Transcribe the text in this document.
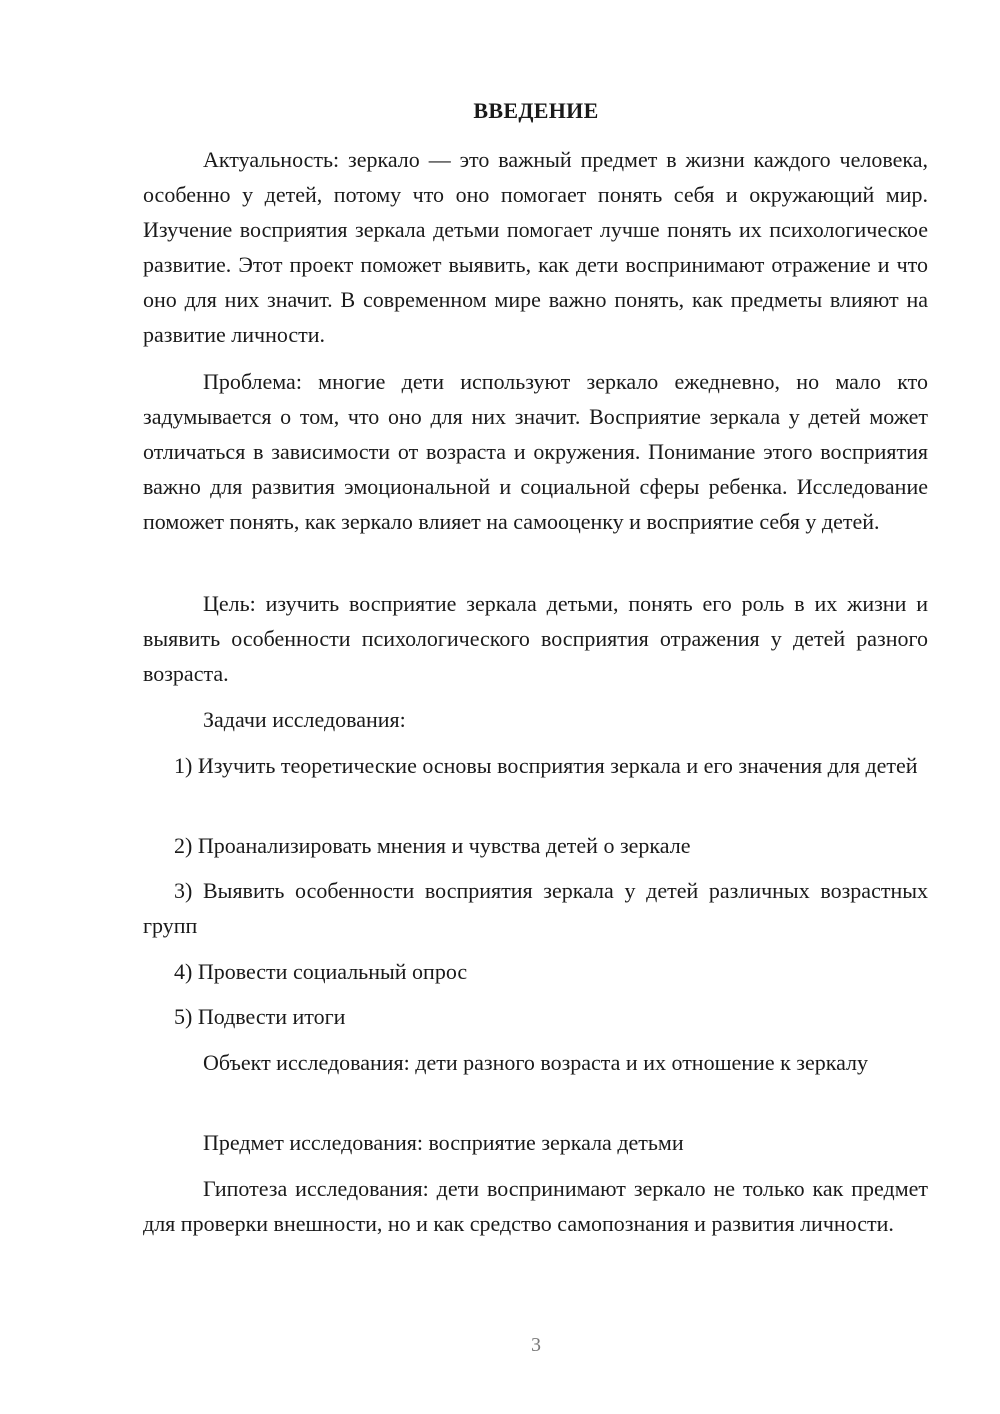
ВВЕДЕНИЕ

Актуальность: зеркало — это важный предмет в жизни каждого человека, особенно у детей, потому что оно помогает понять себя и окружающий мир. Изучение восприятия зеркала детьми помогает лучше понять их психологическое развитие. Этот проект поможет выявить, как дети воспринимают отражение и что оно для них значит. В современном мире важно понять, как предметы влияют на развитие личности.

Проблема: многие дети используют зеркало ежедневно, но мало кто задумывается о том, что оно для них значит. Восприятие зеркала у детей может отличаться в зависимости от возраста и окружения. Понимание этого восприятия важно для развития эмоциональной и социальной сферы ребенка. Исследование поможет понять, как зеркало влияет на самооценку и восприятие себя у детей.

Цель: изучить восприятие зеркала детьми, понять его роль в их жизни и выявить особенности психологического восприятия отражения у детей разного возраста.

Задачи исследования:

1) Изучить теоретические основы восприятия зеркала и его значения для детей

2) Проанализировать мнения и чувства детей о зеркале

3) Выявить особенности восприятия зеркала у детей различных возрастных групп

4) Провести социальный опрос

5) Подвести итоги

Объект исследования: дети разного возраста и их отношение к зеркалу

Предмет исследования: восприятие зеркала детьми

Гипотеза исследования: дети воспринимают зеркало не только как предмет для проверки внешности, но и как средство самопознания и развития личности.

3
